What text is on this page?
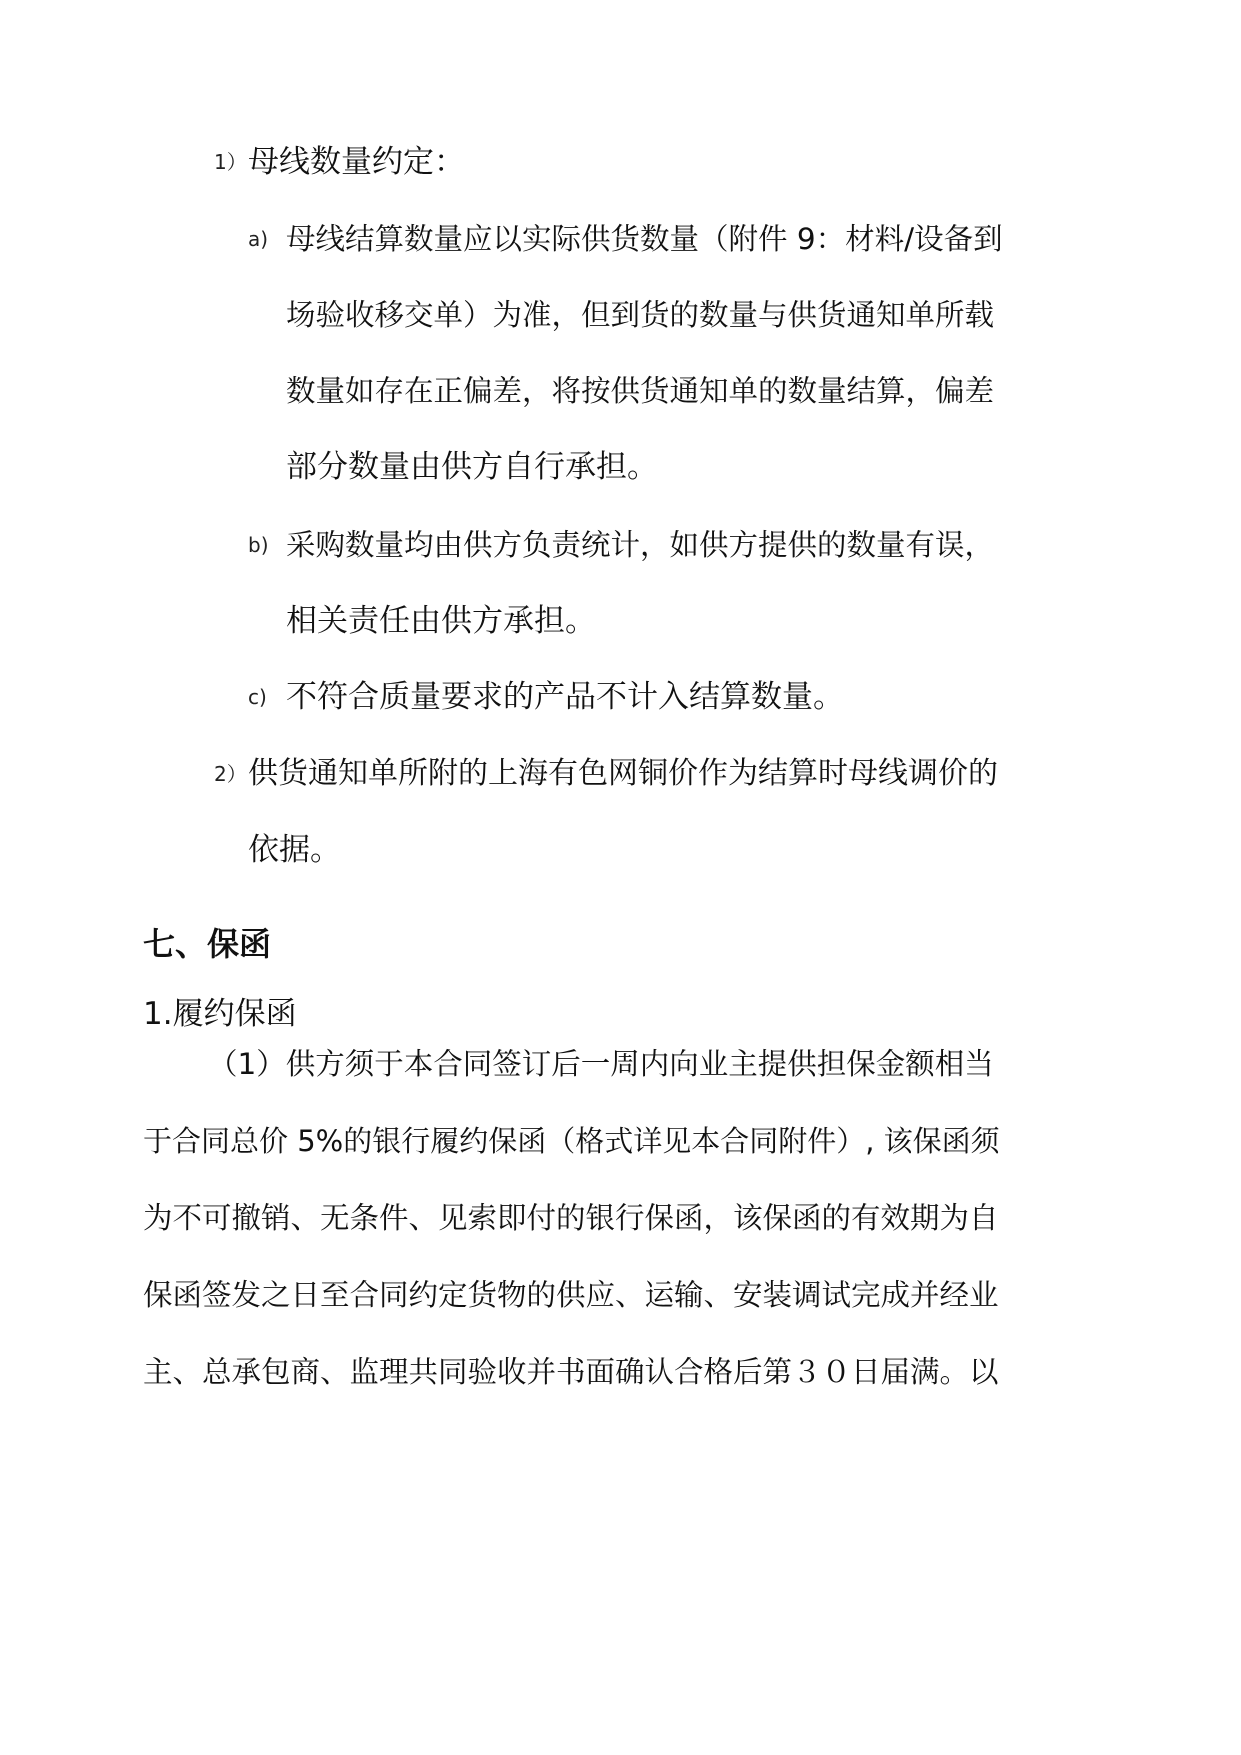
1） 母线数量约定：
a) 母线结算数量应以实际供货数量（附件 9：材料/设备到
场验收移交单）为准，但到货的数量与供货通知单所载
数量如存在正偏差，将按供货通知单的数量结算，偏差
部分数量由供方自行承担。
b) 采购数量均由供方负责统计，如供方提供的数量有误，
相关责任由供方承担。
c) 不符合质量要求的产品不计入结算数量。
2） 供货通知单所附的上海有色网铜价作为结算时母线调价的
依据。
七、保函
1.履约保函
（1）供方须于本合同签订后一周内向业主提供担保金额相当
于合同总价 5%的银行履约保函（格式详见本合同附件）, 该保函须
为不可撤销、无条件、见索即付的银行保函，该保函的有效期为自
保函签发之日至合同约定货物的供应、运输、安装调试完成并经业
主、总承包商、监理共同验收并书面确认合格后第３０日届满。以
